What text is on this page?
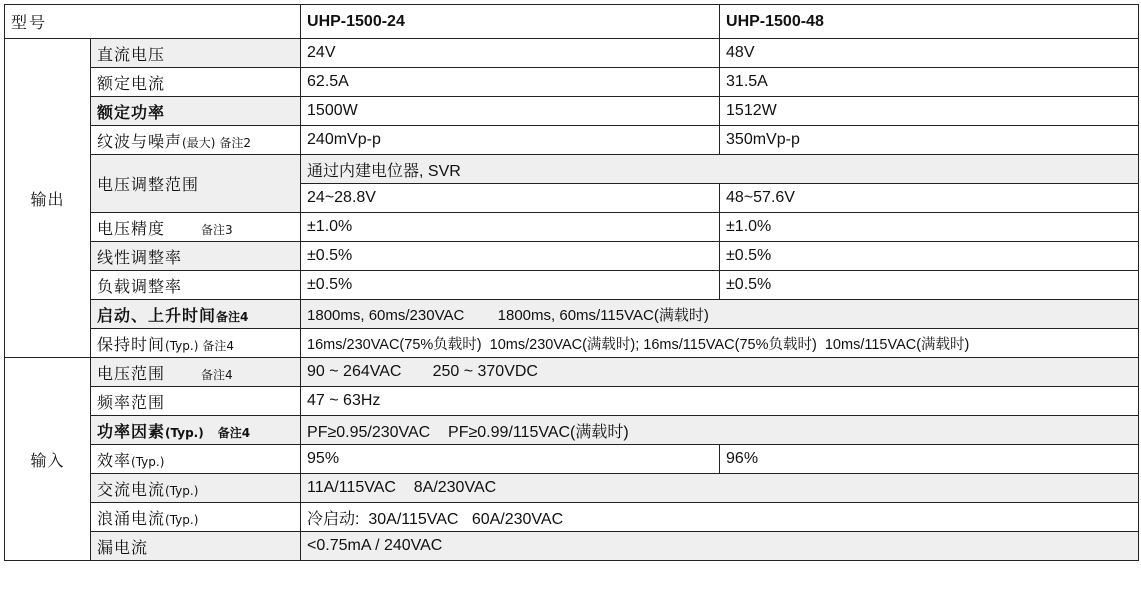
型号		UHP-1500-24	UHP-1500-48
输出	直流电压	24V	48V
	额定电流	62.5A	31.5A
	额定功率	1500W	1512W
	纹波与噪声(最大) 备注2	240mVp-p	350mVp-p
	电压调整范围	通过内建电位器, SVR	
		24~28.8V	48~57.6V
	电压精度 备注3	±1.0%	±1.0%
	线性调整率	±0.5%	±0.5%
	负载调整率	±0.5%	±0.5%
	启动、上升时间备注4	1800ms, 60ms/230VAC        1800ms, 60ms/115VAC(满载时)	
	保持时间(Typ.) 备注4	16ms/230VAC(75%负载时)  10ms/230VAC(满载时); 16ms/115VAC(75%负载时)  10ms/115VAC(满载时)	
输入	电压范围 备注4	90 ~ 264VAC       250 ~ 370VDC	
	频率范围	47 ~ 63Hz	
	功率因素(Typ.) 备注4	PF≥0.95/230VAC    PF≥0.99/115VAC(满载时)	
	效率(Typ.)	95%	96%
	交流电流(Typ.)	11A/115VAC    8A/230VAC	
	浪涌电流(Typ.)	冷启动:  30A/115VAC   60A/230VAC	
	漏电流	<0.75mA / 240VAC	
